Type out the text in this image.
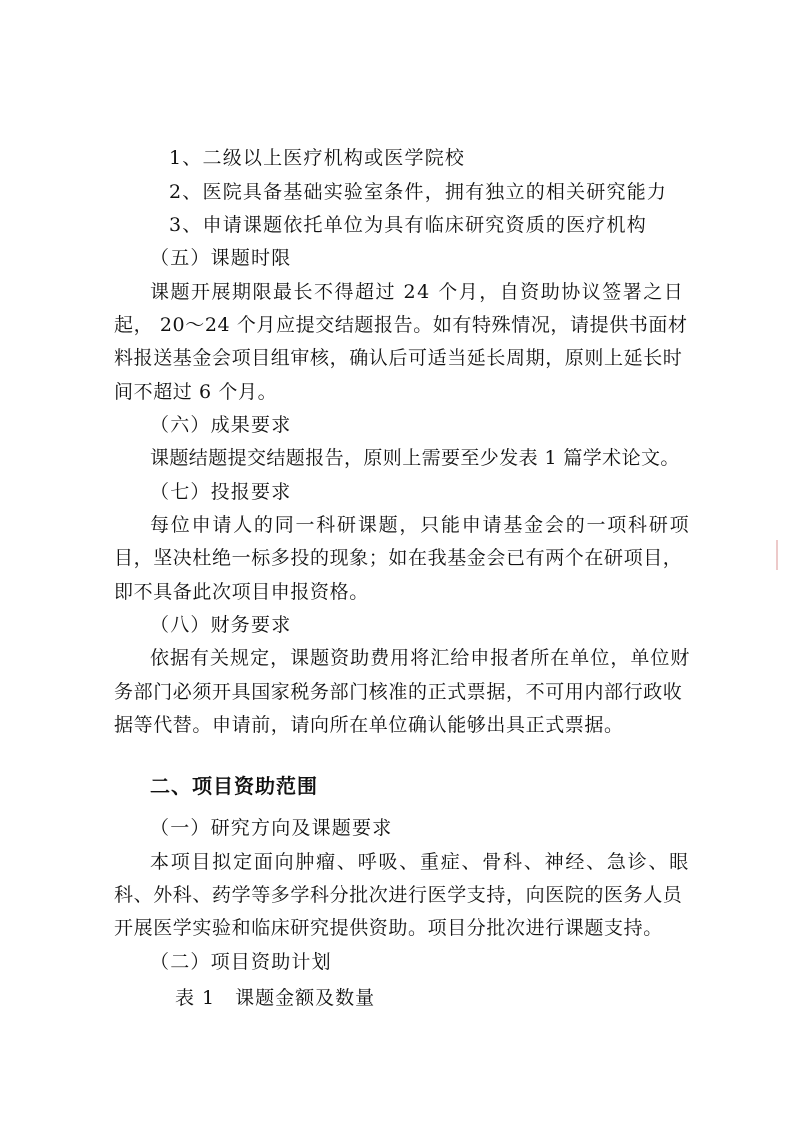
1、二级以上医疗机构或医学院校
2、医院具备基础实验室条件，拥有独立的相关研究能力
3、申请课题依托单位为具有临床研究资质的医疗机构
（五）课题时限
课题开展期限最长不得超过 24 个月，自资助协议签署之日
起， 20～24 个月应提交结题报告。如有特殊情况，请提供书面材
料报送基金会项目组审核，确认后可适当延长周期，原则上延长时
间不超过 6 个月。
（六）成果要求
课题结题提交结题报告，原则上需要至少发表 1 篇学术论文。
（七）投报要求
每位申请人的同一科研课题，只能申请基金会的一项科研项
目，坚决杜绝一标多投的现象；如在我基金会已有两个在研项目，
即不具备此次项目申报资格。
（八）财务要求
依据有关规定，课题资助费用将汇给申报者所在单位，单位财
务部门必须开具国家税务部门核准的正式票据，不可用内部行政收
据等代替。申请前，请向所在单位确认能够出具正式票据。
二、项目资助范围
（一）研究方向及课题要求
本项目拟定面向肿瘤、呼吸、重症、骨科、神经、急诊、眼
科、外科、药学等多学科分批次进行医学支持，向医院的医务人员
开展医学实验和临床研究提供资助。项目分批次进行课题支持。
（二）项目资助计划
表 1　课题金额及数量
